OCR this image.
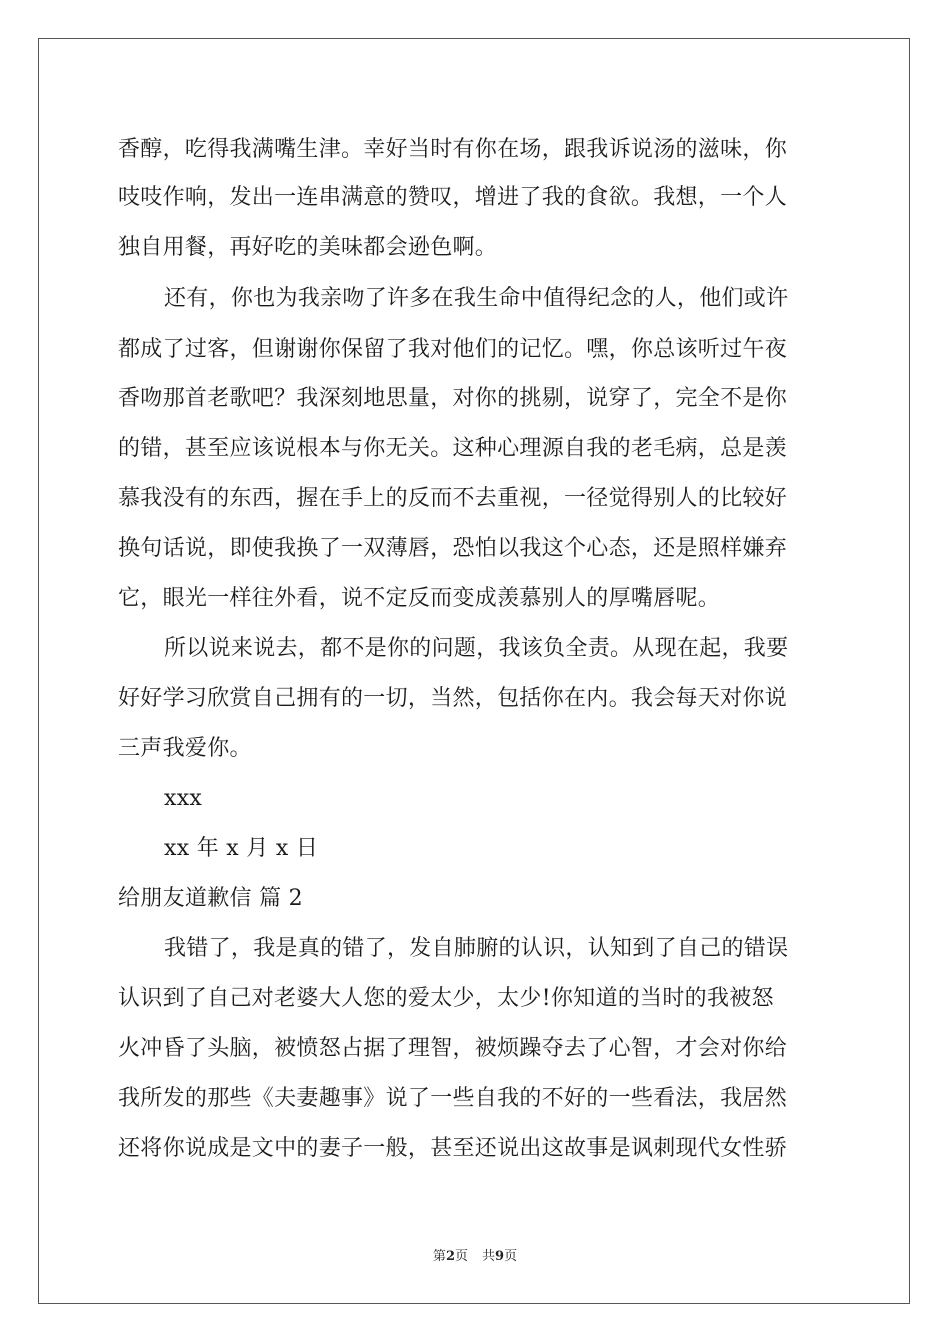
香醇，吃得我满嘴生津。幸好当时有你在场，跟我诉说汤的滋味，你
吱吱作响，发出一连串满意的赞叹，增进了我的食欲。我想，一个人
独自用餐，再好吃的美味都会逊色啊。
还有，你也为我亲吻了许多在我生命中值得纪念的人，他们或许
都成了过客，但谢谢你保留了我对他们的记忆。嘿，你总该听过午夜
香吻那首老歌吧？我深刻地思量，对你的挑剔，说穿了，完全不是你
的错，甚至应该说根本与你无关。这种心理源自我的老毛病，总是羡
慕我没有的东西，握在手上的反而不去重视，一径觉得别人的比较好
换句话说，即使我换了一双薄唇，恐怕以我这个心态，还是照样嫌弃
它，眼光一样往外看，说不定反而变成羡慕别人的厚嘴唇呢。
所以说来说去，都不是你的问题，我该负全责。从现在起，我要
好好学习欣赏自己拥有的一切，当然，包括你在内。我会每天对你说
三声我爱你。
xxx
xx 年 x 月 x 日
给朋友道歉信 篇 2
我错了，我是真的错了，发自肺腑的认识，认知到了自己的错误
认识到了自己对老婆大人您的爱太少，太少!你知道的当时的我被怒
火冲昏了头脑，被愤怒占据了理智，被烦躁夺去了心智，才会对你给
我所发的那些《夫妻趣事》说了一些自我的不好的一些看法，我居然
还将你说成是文中的妻子一般，甚至还说出这故事是讽刺现代女性骄
第2页 共9页
